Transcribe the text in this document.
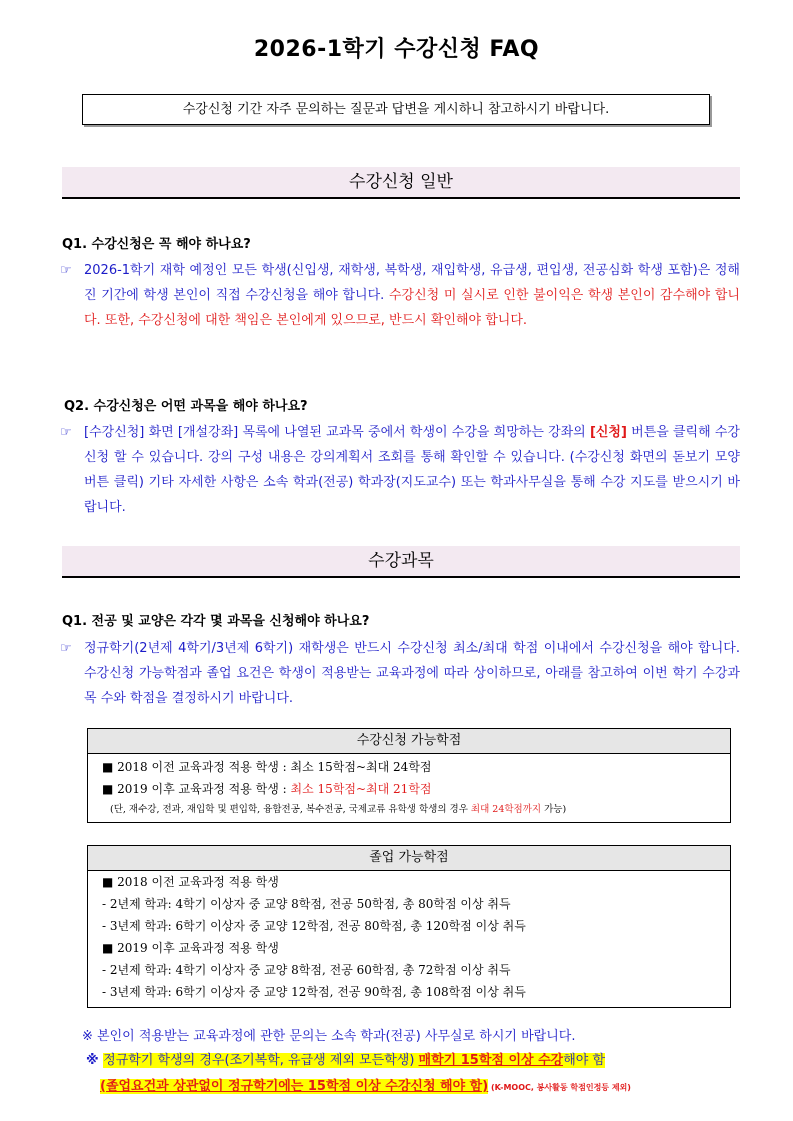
2026-1학기 수강신청 FAQ
수강신청 기간 자주 문의하는 질문과 답변을 게시하니 참고하시기 바랍니다.
수강신청 일반
Q1. 수강신청은 꼭 해야 하나요?
☞ 2026-1학기 재학 예정인 모든 학생(신입생, 재학생, 복학생, 재입학생, 유급생, 편입생, 전공심화 학생 포함)은 정해진 기간에 학생 본인이 직접 수강신청을 해야 합니다. 수강신청 미 실시로 인한 불이익은 학생 본인이 감수해야 합니다. 또한, 수강신청에 대한 책임은 본인에게 있으므로, 반드시 확인해야 합니다.
Q2. 수강신청은 어떤 과목을 해야 하나요?
☞ [수강신청] 화면 [개설강좌] 목록에 나열된 교과목 중에서 학생이 수강을 희망하는 강좌의 [신청] 버튼을 클릭해 수강신청 할 수 있습니다. 강의 구성 내용은 강의계획서 조회를 통해 확인할 수 있습니다. (수강신청 화면의 돋보기 모양 버튼 클릭) 기타 자세한 사항은 소속 학과(전공) 학과장(지도교수) 또는 학과사무실을 통해 수강 지도를 받으시기 바랍니다.
수강과목
Q1. 전공 및 교양은 각각 몇 과목을 신청해야 하나요?
☞ 정규학기(2년제 4학기/3년제 6학기) 재학생은 반드시 수강신청 최소/최대 학점 이내에서 수강신청을 해야 합니다. 수강신청 가능학점과 졸업 요건은 학생이 적용받는 교육과정에 따라 상이하므로, 아래를 참고하여 이번 학기 수강과목 수와 학점을 결정하시기 바랍니다.
수강신청 가능학점
■ 2018 이전 교육과정 적용 학생 : 최소 15학점~최대 24학점
■ 2019 이후 교육과정 적용 학생 : 최소 15학점~최대 21학점
(단, 재수강, 전과, 재입학 및 편입학, 융합전공, 복수전공, 국제교류 유학생 학생의 경우 최대 24학점까지 가능)
졸업 가능학점
■ 2018 이전 교육과정 적용 학생
- 2년제 학과: 4학기 이상자 중 교양 8학점, 전공 50학점, 총 80학점 이상 취득
- 3년제 학과: 6학기 이상자 중 교양 12학점, 전공 80학점, 총 120학점 이상 취득
■ 2019 이후 교육과정 적용 학생
- 2년제 학과: 4학기 이상자 중 교양 8학점, 전공 60학점, 총 72학점 이상 취득
- 3년제 학과: 6학기 이상자 중 교양 12학점, 전공 90학점, 총 108학점 이상 취득
※ 본인이 적용받는 교육과정에 관한 문의는 소속 학과(전공) 사무실로 하시기 바랍니다.
※ 정규학기 학생의 경우(조기복학, 유급생 제외 모든학생) 매학기 15학점 이상 수강해야 함
(졸업요건과 상관없이 정규학기에는 15학점 이상 수강신청 해야 함) (K-MOOC, 봉사활동 학점인정등 제외)
